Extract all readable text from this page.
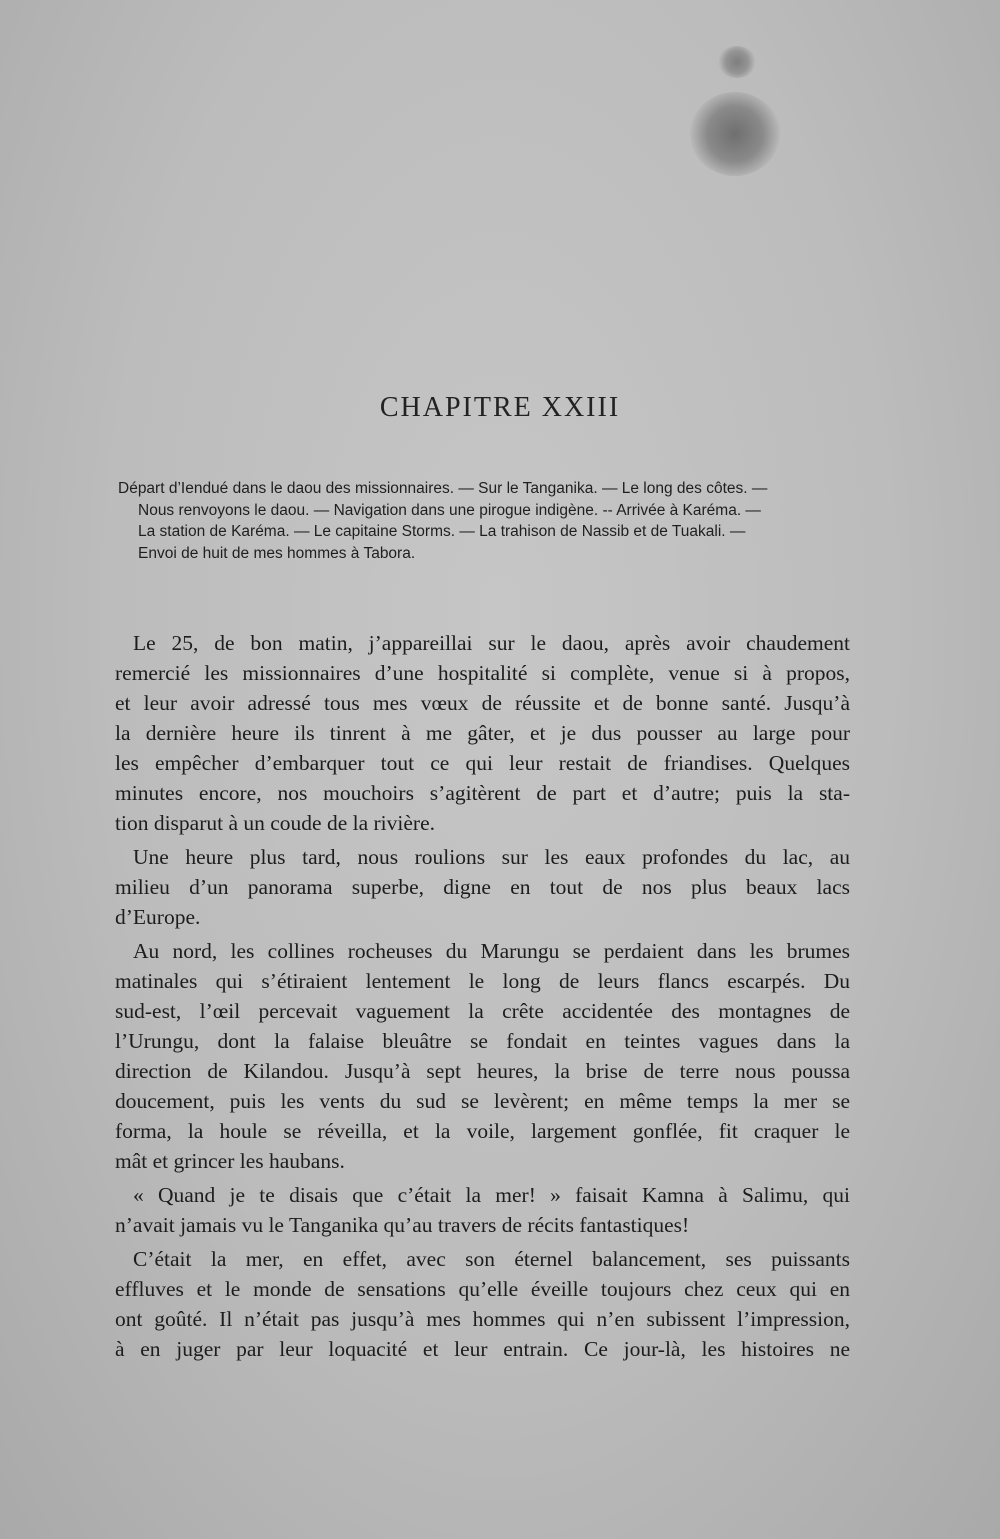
CHAPITRE XXIII
Départ d’Iendué dans le daou des missionnaires. — Sur le Tanganika. — Le long des côtes. —
Nous renvoyons le daou. — Navigation dans une pirogue indigène. -- Arrivée à Karéma. —
La station de Karéma. — Le capitaine Storms. — La trahison de Nassib et de Tuakali. —
Envoi de huit de mes hommes à Tabora.

Le 25, de bon matin, j’appareillai sur le daou, après avoir chaudement
remercié les missionnaires d’une hospitalité si complète, venue si à propos,
et leur avoir adressé tous mes vœux de réussite et de bonne santé. Jusqu’à
la dernière heure ils tinrent à me gâter, et je dus pousser au large pour
les empêcher d’embarquer tout ce qui leur restait de friandises. Quelques
minutes encore, nos mouchoirs s’agitèrent de part et d’autre; puis la sta-
tion disparut à un coude de la rivière.

Une heure plus tard, nous roulions sur les eaux profondes du lac, au
milieu d’un panorama superbe, digne en tout de nos plus beaux lacs
d’Europe.

Au nord, les collines rocheuses du Marungu se perdaient dans les brumes
matinales qui s’étiraient lentement le long de leurs flancs escarpés. Du
sud-est, l’œil percevait vaguement la crête accidentée des montagnes de
l’Urungu, dont la falaise bleuâtre se fondait en teintes vagues dans la
direction de Kilandou. Jusqu’à sept heures, la brise de terre nous poussa
doucement, puis les vents du sud se levèrent; en même temps la mer se
forma, la houle se réveilla, et la voile, largement gonflée, fit craquer le
mât et grincer les haubans.

« Quand je te disais que c’était la mer! » faisait Kamna à Salimu, qui
n’avait jamais vu le Tanganika qu’au travers de récits fantastiques!

C’était la mer, en effet, avec son éternel balancement, ses puissants
effluves et le monde de sensations qu’elle éveille toujours chez ceux qui en
ont goûté. Il n’était pas jusqu’à mes hommes qui n’en subissent l’impression,
à en juger par leur loquacité et leur entrain. Ce jour-là, les histoires ne
